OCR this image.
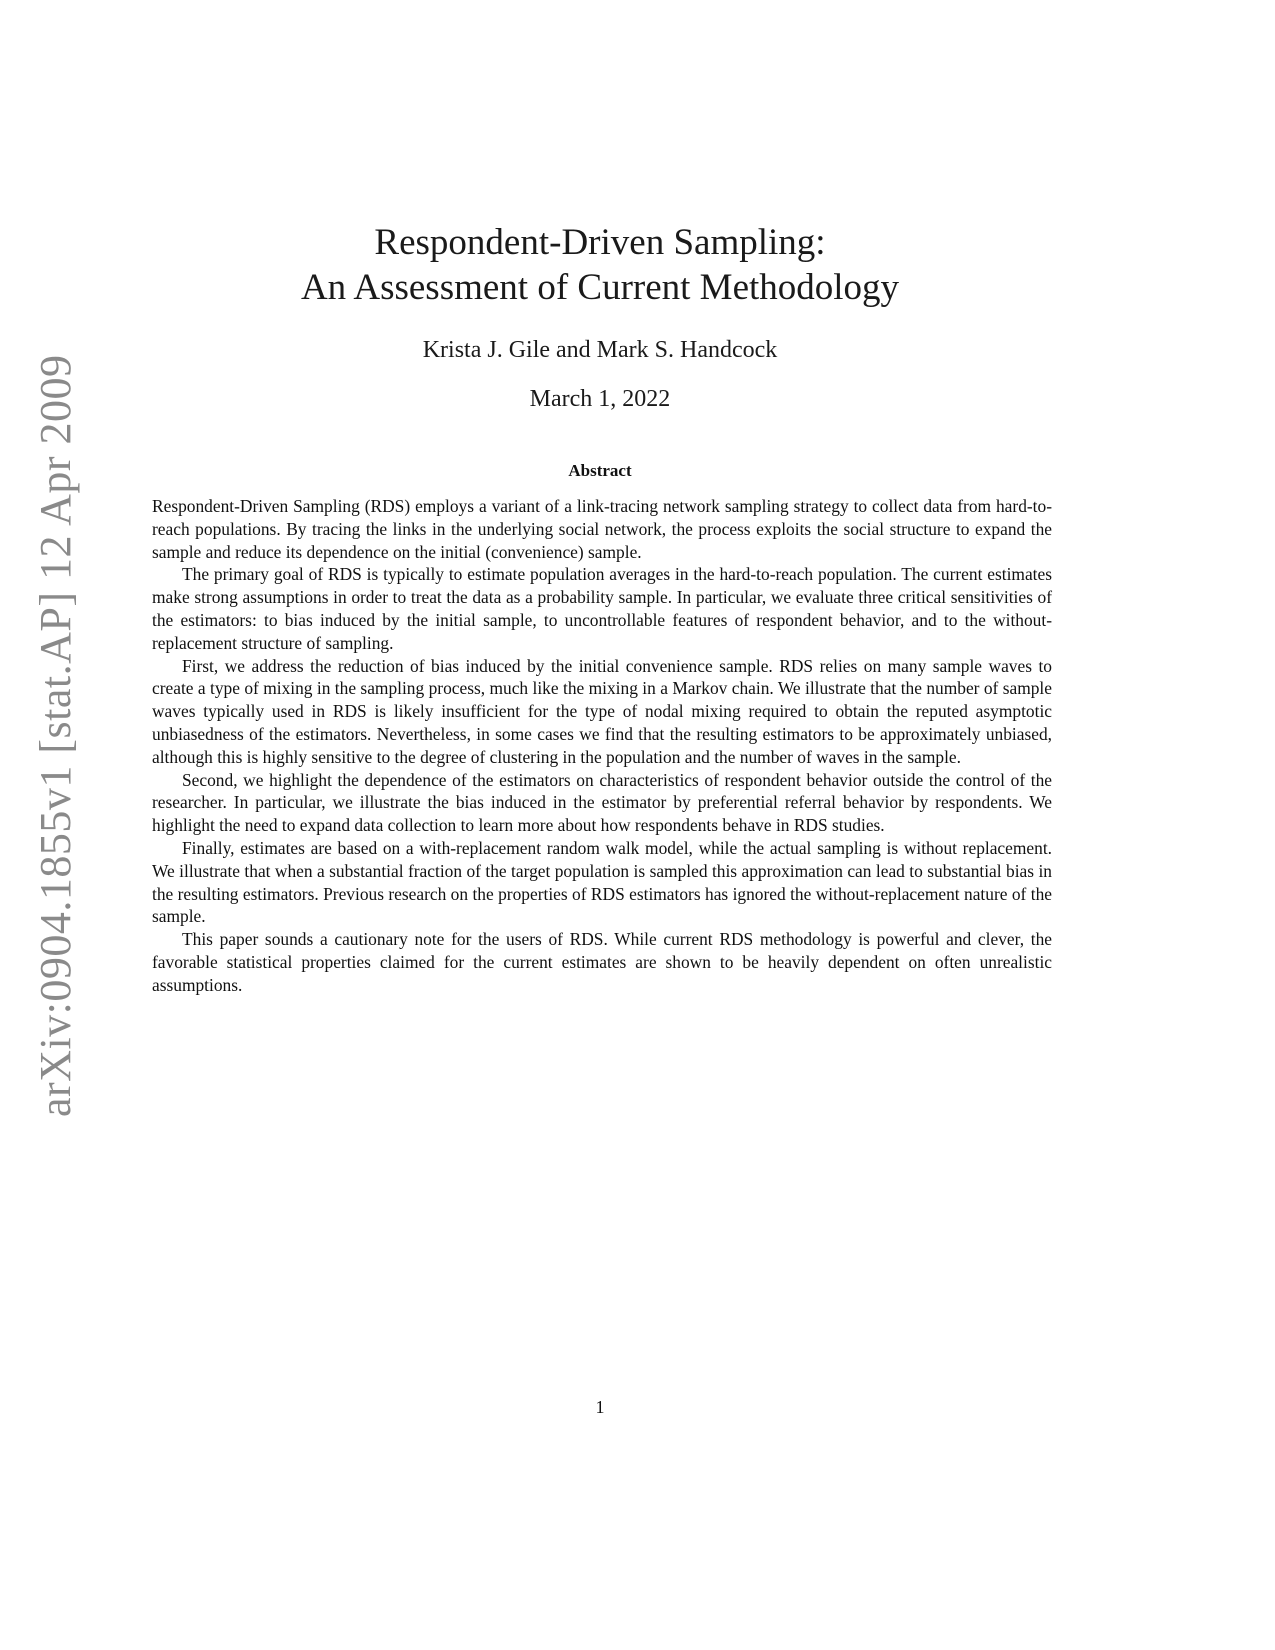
arXiv:0904.1855v1 [stat.AP] 12 Apr 2009
Respondent-Driven Sampling:
An Assessment of Current Methodology
Krista J. Gile and Mark S. Handcock
March 1, 2022
Abstract

Respondent-Driven Sampling (RDS) employs a variant of a link-tracing network sampling strategy to collect data from hard-to-reach populations. By tracing the links in the underlying social network, the process exploits the social structure to expand the sample and reduce its dependence on the initial (convenience) sample.

The primary goal of RDS is typically to estimate population averages in the hard-to-reach population. The current estimates make strong assumptions in order to treat the data as a probability sample. In particular, we evaluate three critical sensitivities of the estimators: to bias induced by the initial sample, to uncontrollable features of respondent behavior, and to the without-replacement structure of sampling.

First, we address the reduction of bias induced by the initial convenience sample. RDS relies on many sample waves to create a type of mixing in the sampling process, much like the mixing in a Markov chain. We illustrate that the number of sample waves typically used in RDS is likely insufficient for the type of nodal mixing required to obtain the reputed asymptotic unbiasedness of the estimators. Nevertheless, in some cases we find that the resulting estimators to be approximately unbiased, although this is highly sensitive to the degree of clustering in the population and the number of waves in the sample.

Second, we highlight the dependence of the estimators on characteristics of respondent behavior outside the control of the researcher. In particular, we illustrate the bias induced in the estimator by preferential referral behavior by respondents. We highlight the need to expand data collection to learn more about how respondents behave in RDS studies.

Finally, estimates are based on a with-replacement random walk model, while the actual sampling is without replacement. We illustrate that when a substantial fraction of the target population is sampled this approximation can lead to substantial bias in the resulting estimators. Previous research on the properties of RDS estimators has ignored the without-replacement nature of the sample.

This paper sounds a cautionary note for the users of RDS. While current RDS methodology is powerful and clever, the favorable statistical properties claimed for the current estimates are shown to be heavily dependent on often unrealistic assumptions.

1
